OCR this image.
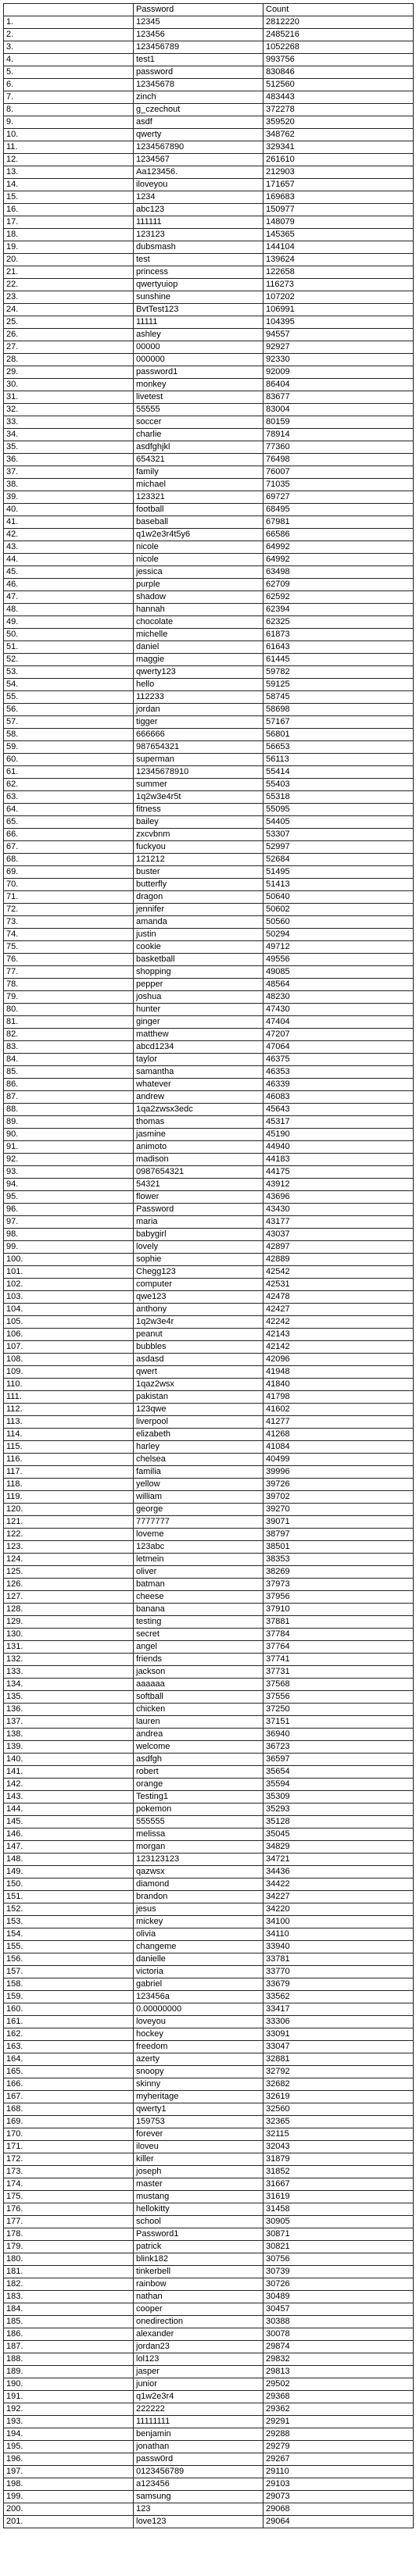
	Password	Count
1.	12345	2812220
2.	123456	2485216
3.	123456789	1052268
4.	test1	993756
5.	password	830846
6.	12345678	512560
7.	zinch	483443
8.	g_czechout	372278
9.	asdf	359520
10.	qwerty	348762
11.	1234567890	329341
12.	1234567	261610
13.	Aa123456.	212903
14.	iloveyou	171657
15.	1234	169683
16.	abc123	150977
17.	111111	148079
18.	123123	145365
19.	dubsmash	144104
20.	test	139624
21.	princess	122658
22.	qwertyuiop	116273
23.	sunshine	107202
24.	BvtTest123	106991
25.	11111	104395
26.	ashley	94557
27.	00000	92927
28.	000000	92330
29.	password1	92009
30.	monkey	86404
31.	livetest	83677
32.	55555	83004
33.	soccer	80159
34.	charlie	78914
35.	asdfghjkl	77360
36.	654321	76498
37.	family	76007
38.	michael	71035
39.	123321	69727
40.	football	68495
41.	baseball	67981
42.	q1w2e3r4t5y6	66586
43.	nicole	64992
44.	nicole	64992
45.	jessica	63498
46.	purple	62709
47.	shadow	62592
48.	hannah	62394
49.	chocolate	62325
50.	michelle	61873
51.	daniel	61643
52.	maggie	61445
53.	qwerty123	59782
54.	hello	59125
55.	112233	58745
56.	jordan	58698
57.	tigger	57167
58.	666666	56801
59.	987654321	56653
60.	superman	56113
61.	12345678910	55414
62.	summer	55403
63.	1q2w3e4r5t	55318
64.	fitness	55095
65.	bailey	54405
66.	zxcvbnm	53307
67.	fuckyou	52997
68.	121212	52684
69.	buster	51495
70.	butterfly	51413
71.	dragon	50640
72.	jennifer	50602
73.	amanda	50560
74.	justin	50294
75.	cookie	49712
76.	basketball	49556
77.	shopping	49085
78.	pepper	48564
79.	joshua	48230
80.	hunter	47430
81.	ginger	47404
82.	matthew	47207
83.	abcd1234	47064
84.	taylor	46375
85.	samantha	46353
86.	whatever	46339
87.	andrew	46083
88.	1qa2zwsx3edc	45643
89.	thomas	45317
90.	jasmine	45190
91.	animoto	44940
92.	madison	44183
93.	0987654321	44175
94.	54321	43912
95.	flower	43696
96.	Password	43430
97.	maria	43177
98.	babygirl	43037
99.	lovely	42897
100.	sophie	42889
101.	Chegg123	42542
102.	computer	42531
103.	qwe123	42478
104.	anthony	42427
105.	1q2w3e4r	42242
106.	peanut	42143
107.	bubbles	42142
108.	asdasd	42096
109.	qwert	41948
110.	1qaz2wsx	41840
111.	pakistan	41798
112.	123qwe	41602
113.	liverpool	41277
114.	elizabeth	41268
115.	harley	41084
116.	chelsea	40499
117.	familia	39996
118.	yellow	39726
119.	william	39702
120.	george	39270
121.	7777777	39071
122.	loveme	38797
123.	123abc	38501
124.	letmein	38353
125.	oliver	38269
126.	batman	37973
127.	cheese	37956
128.	banana	37910
129.	testing	37881
130.	secret	37784
131.	angel	37764
132.	friends	37741
133.	jackson	37731
134.	aaaaaa	37568
135.	softball	37556
136.	chicken	37250
137.	lauren	37151
138.	andrea	36940
139.	welcome	36723
140.	asdfgh	36597
141.	robert	35654
142.	orange	35594
143.	Testing1	35309
144.	pokemon	35293
145.	555555	35128
146.	melissa	35045
147.	morgan	34829
148.	123123123	34721
149.	qazwsx	34436
150.	diamond	34422
151.	brandon	34227
152.	jesus	34220
153.	mickey	34100
154.	olivia	34110
155.	changeme	33940
156.	danielle	33781
157.	victoria	33770
158.	gabriel	33679
159.	123456a	33562
160.	0.00000000	33417
161.	loveyou	33306
162.	hockey	33091
163.	freedom	33047
164.	azerty	32881
165.	snoopy	32792
166.	skinny	32682
167.	myheritage	32619
168.	qwerty1	32560
169.	159753	32365
170.	forever	32115
171.	iloveu	32043
172.	killer	31879
173.	joseph	31852
174.	master	31667
175.	mustang	31619
176.	hellokitty	31458
177.	school	30905
178.	Password1	30871
179.	patrick	30821
180.	blink182	30756
181.	tinkerbell	30739
182.	rainbow	30726
183.	nathan	30489
184.	cooper	30457
185.	onedirection	30388
186.	alexander	30078
187.	jordan23	29874
188.	lol123	29832
189.	jasper	29813
190.	junior	29502
191.	q1w2e3r4	29368
192.	222222	29362
193.	11111111	29291
194.	benjamin	29288
195.	jonathan	29279
196.	passw0rd	29267
197.	0123456789	29110
198.	a123456	29103
199.	samsung	29073
200.	123	29068
201.	love123	29064
